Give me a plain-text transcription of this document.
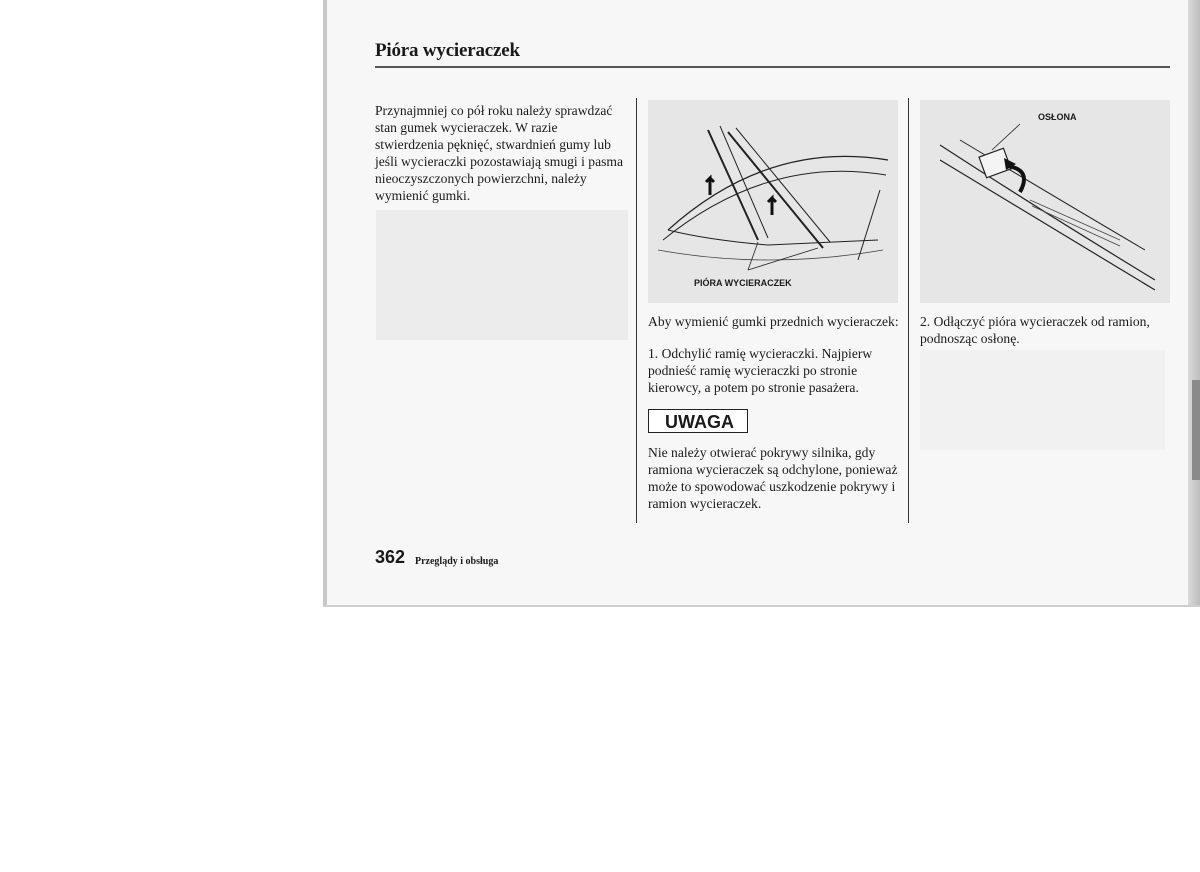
Pióra wycieraczek
Przynajmniej co pół roku należy sprawdzać
stan gumek wycieraczek. W razie
stwierdzenia pęknięć, stwardnień gumy lub
jeśli wycieraczki pozostawiają smugi i pasma
nieoczyszczonych powierzchni, należy
wymienić gumki.
PIÓRA WYCIERACZEK
OSŁONA
Aby wymienić gumki przednich wycieraczek:
1. Odchylić ramię wycieraczki. Najpierw
podnieść ramię wycieraczki po stronie
kierowcy, a potem po stronie pasażera.
UWAGA
Nie należy otwierać pokrywy silnika, gdy
ramiona wycieraczek są odchylone, ponieważ
może to spowodować uszkodzenie pokrywy i
ramion wycieraczek.
2. Odłączyć pióra wycieraczek od ramion,
podnosząc osłonę.
362 Przeglądy i obsługa
